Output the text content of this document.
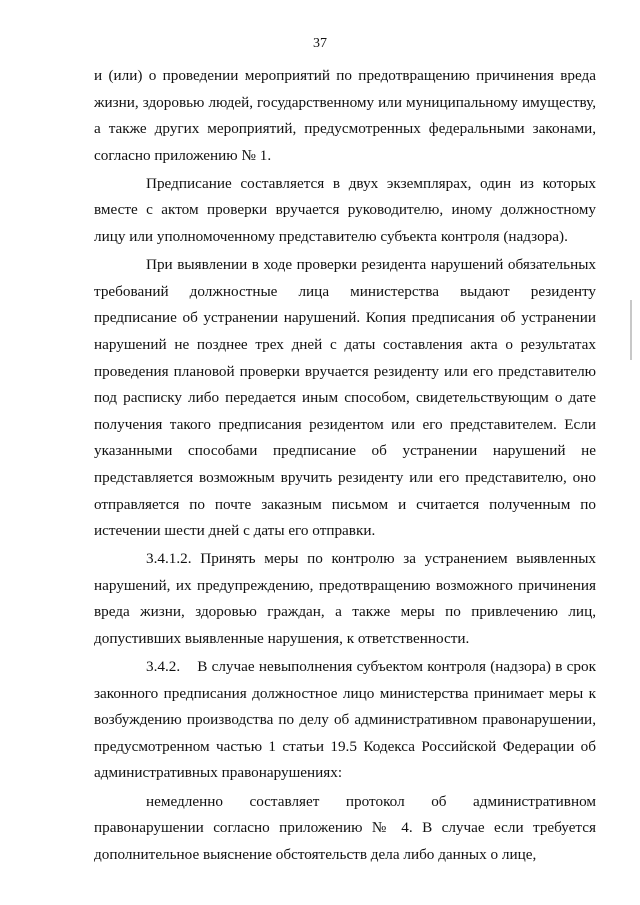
37

и (или) о проведении мероприятий по предотвращению причинения вреда жизни, здоровью людей, государственному или муниципальному имуществу, а также других мероприятий, предусмотренных федеральными законами, согласно приложению № 1.

Предписание составляется в двух экземплярах, один из которых вместе с актом проверки вручается руководителю, иному должностному лицу или уполномоченному представителю субъекта контроля (надзора).

При выявлении в ходе проверки резидента нарушений обязательных требований должностные лица министерства выдают резиденту предписание об устранении нарушений. Копия предписания об устранении нарушений не позднее трех дней с даты составления акта о результатах проведения плановой проверки вручается резиденту или его представителю под расписку либо передается иным способом, свидетельствующим о дате получения такого предписания резидентом или его представителем. Если указанными способами предписание об устранении нарушений не представляется возможным вручить резиденту или его представителю, оно отправляется по почте заказным письмом и считается полученным по истечении шести дней с даты его отправки.

3.4.1.2. Принять меры по контролю за устранением выявленных нарушений, их предупреждению, предотвращению возможного причинения вреда жизни, здоровью граждан, а также меры по привлечению лиц, допустивших выявленные нарушения, к ответственности.

3.4.2.    В случае невыполнения субъектом контроля (надзора) в срок законного предписания должностное лицо министерства принимает меры к возбуждению производства по делу об административном правонарушении, предусмотренном частью 1 статьи 19.5 Кодекса Российской Федерации об административных правонарушениях:

немедленно составляет протокол об административном правонарушении согласно приложению № 4. В случае если требуется дополнительное выяснение обстоятельств дела либо данных о лице,
